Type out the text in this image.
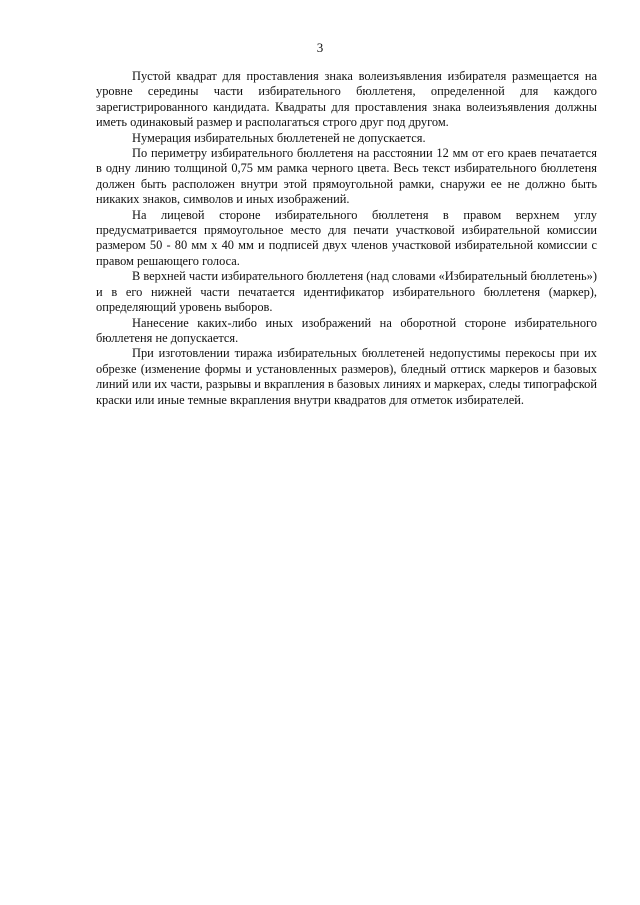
3

Пустой квадрат для проставления знака волеизъявления избирателя размещается на уровне середины части избирательного бюллетеня, определенной для каждого зарегистрированного кандидата. Квадраты для проставления знака волеизъявления должны иметь одинаковый размер и располагаться строго друг под другом.

Нумерация избирательных бюллетеней не допускается.

По периметру избирательного бюллетеня на расстоянии 12 мм от его краев печатается в одну линию толщиной 0,75 мм рамка черного цвета. Весь текст избирательного бюллетеня должен быть расположен внутри этой прямоугольной рамки, снаружи ее не должно быть никаких знаков, символов и иных изображений.

На лицевой стороне избирательного бюллетеня в правом верхнем углу предусматривается прямоугольное место для печати участковой избирательной комиссии размером 50 - 80 мм х 40 мм и подписей двух членов участковой избирательной комиссии с правом решающего голоса.

В верхней части избирательного бюллетеня (над словами «Избирательный бюллетень») и в его нижней части печатается идентификатор избирательного бюллетеня (маркер), определяющий уровень выборов.

Нанесение каких-либо иных изображений на оборотной стороне избирательного бюллетеня не допускается.

При изготовлении тиража избирательных бюллетеней недопустимы перекосы при их обрезке (изменение формы и установленных размеров), бледный оттиск маркеров и базовых линий или их части, разрывы и вкрапления в базовых линиях и маркерах, следы типографской краски или иные темные вкрапления внутри квадратов для отметок избирателей.
